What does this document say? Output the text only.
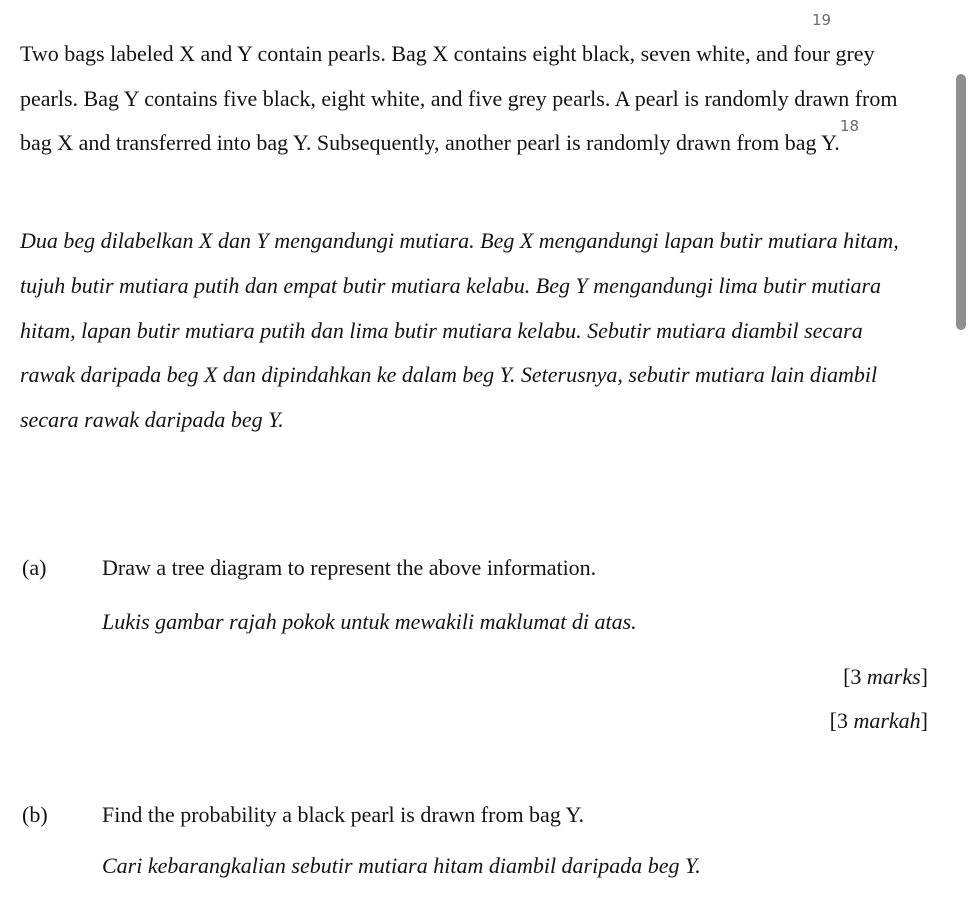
19
18

Two bags labeled X and Y contain pearls. Bag X contains eight black, seven white, and four grey pearls. Bag Y contains five black, eight white, and five grey pearls. A pearl is randomly drawn from bag X and transferred into bag Y. Subsequently, another pearl is randomly drawn from bag Y.

Dua beg dilabelkan X dan Y mengandungi mutiara. Beg X mengandungi lapan butir mutiara hitam, tujuh butir mutiara putih dan empat butir mutiara kelabu. Beg Y mengandungi lima butir mutiara hitam, lapan butir mutiara putih dan lima butir mutiara kelabu. Sebutir mutiara diambil secara rawak daripada beg X dan dipindahkan ke dalam beg Y. Seterusnya, sebutir mutiara lain diambil secara rawak daripada beg Y.

(a)	Draw a tree diagram to represent the above information.
Lukis gambar rajah pokok untuk mewakili maklumat di atas.
[3 marks]
[3 markah]
(b) Find the probability a black pearl is drawn from bag Y.
Cari kebarangkalian sebutir mutiara hitam diambil daripada beg Y.
